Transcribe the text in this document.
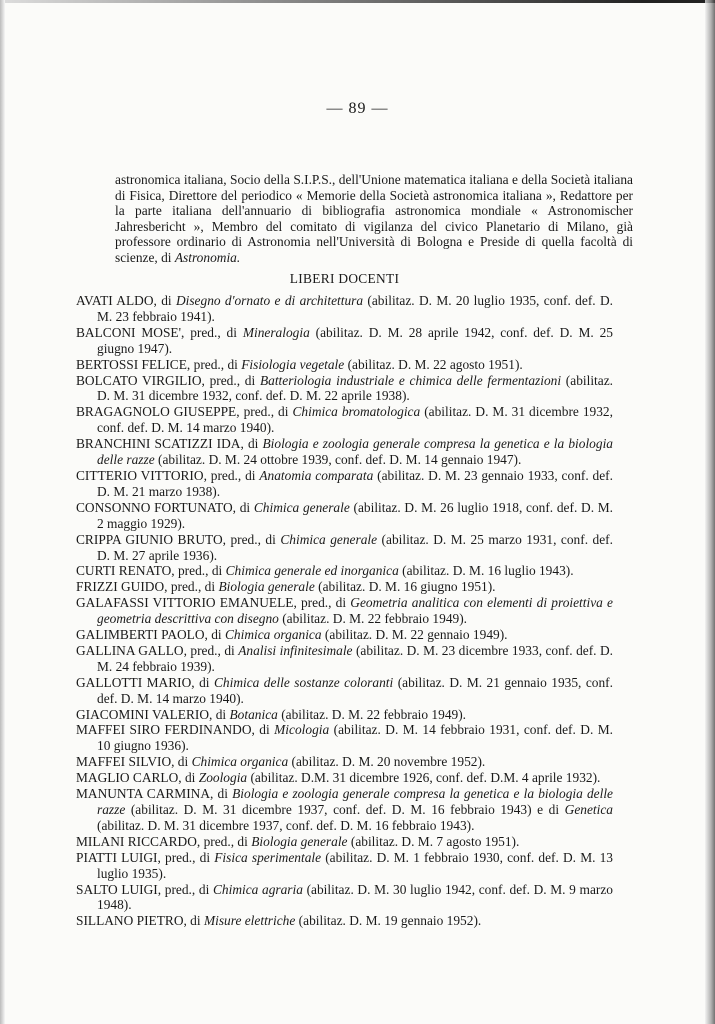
— 89 —

astronomica italiana, Socio della S.I.P.S., dell'Unione matematica italiana e della Società italiana di Fisica, Direttore del periodico « Memorie della Società astronomica italiana », Redattore per la parte italiana dell'annuario di bibliografia astronomica mondiale « Astronomischer Jahresbericht », Membro del comitato di vigilanza del civico Planetario di Milano, già professore ordinario di Astronomia nell'Università di Bologna e Preside di quella facoltà di scienze, di Astronomia.

LIBERI DOCENTI

AVATI ALDO, di Disegno d'ornato e di architettura (abilitaz. D. M. 20 luglio 1935, conf. def. D. M. 23 febbraio 1941).

BALCONI MOSE', pred., di Mineralogia (abilitaz. D. M. 28 aprile 1942, conf. def. D. M. 25 giugno 1947).

BERTOSSI FELICE, pred., di Fisiologia vegetale (abilitaz. D. M. 22 agosto 1951).

BOLCATO VIRGILIO, pred., di Batteriologia industriale e chimica delle fermentazioni (abilitaz. D. M. 31 dicembre 1932, conf. def. D. M. 22 aprile 1938).

BRAGAGNOLO GIUSEPPE, pred., di Chimica bromatologica (abilitaz. D. M. 31 dicembre 1932, conf. def. D. M. 14 marzo 1940).

BRANCHINI SCATIZZI IDA, di Biologia e zoologia generale compresa la genetica e la biologia delle razze (abilitaz. D. M. 24 ottobre 1939, conf. def. D. M. 14 gennaio 1947).

CITTERIO VITTORIO, pred., di Anatomia comparata (abilitaz. D. M. 23 gennaio 1933, conf. def. D. M. 21 marzo 1938).

CONSONNO FORTUNATO, di Chimica generale (abilitaz. D. M. 26 luglio 1918, conf. def. D. M. 2 maggio 1929).

CRIPPA GIUNIO BRUTO, pred., di Chimica generale (abilitaz. D. M. 25 marzo 1931, conf. def. D. M. 27 aprile 1936).

CURTI RENATO, pred., di Chimica generale ed inorganica (abilitaz. D. M. 16 luglio 1943).

FRIZZI GUIDO, pred., di Biologia generale (abilitaz. D. M. 16 giugno 1951).

GALAFASSI VITTORIO EMANUELE, pred., di Geometria analitica con elementi di proiettiva e geometria descrittiva con disegno (abilitaz. D. M. 22 febbraio 1949).

GALIMBERTI PAOLO, di Chimica organica (abilitaz. D. M. 22 gennaio 1949).

GALLINA GALLO, pred., di Analisi infinitesimale (abilitaz. D. M. 23 dicembre 1933, conf. def. D. M. 24 febbraio 1939).

GALLOTTI MARIO, di Chimica delle sostanze coloranti (abilitaz. D. M. 21 gennaio 1935, conf. def. D. M. 14 marzo 1940).

GIACOMINI VALERIO, di Botanica (abilitaz. D. M. 22 febbraio 1949).

MAFFEI SIRO FERDINANDO, di Micologia (abilitaz. D. M. 14 febbraio 1931, conf. def. D. M. 10 giugno 1936).

MAFFEI SILVIO, di Chimica organica (abilitaz. D. M. 20 novembre 1952).

MAGLIO CARLO, di Zoologia (abilitaz. D.M. 31 dicembre 1926, conf. def. D.M. 4 aprile 1932).

MANUNTA CARMINA, di Biologia e zoologia generale compresa la genetica e la biologia delle razze (abilitaz. D. M. 31 dicembre 1937, conf. def. D. M. 16 febbraio 1943) e di Genetica (abilitaz. D. M. 31 dicembre 1937, conf. def. D. M. 16 febbraio 1943).

MILANI RICCARDO, pred., di Biologia generale (abilitaz. D. M. 7 agosto 1951).

PIATTI LUIGI, pred., di Fisica sperimentale (abilitaz. D. M. 1 febbraio 1930, conf. def. D. M. 13 luglio 1935).

SALTO LUIGI, pred., di Chimica agraria (abilitaz. D. M. 30 luglio 1942, conf. def. D. M. 9 marzo 1948).

SILLANO PIETRO, di Misure elettriche (abilitaz. D. M. 19 gennaio 1952).
